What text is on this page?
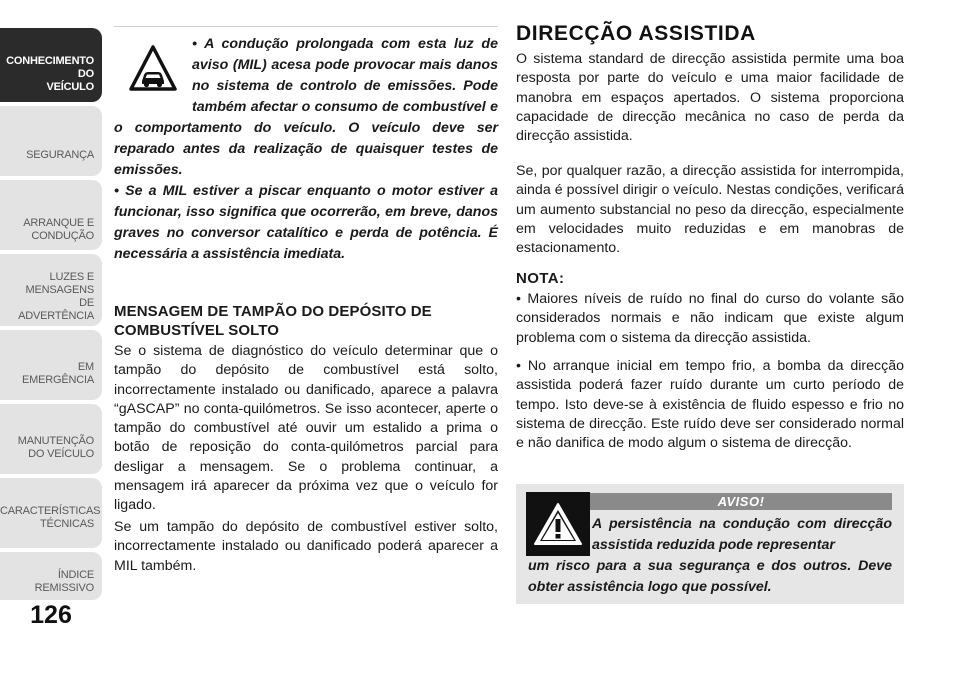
CONHECIMENTO
DO
VEÍCULO

SEGURANÇA

ARRANQUE E
CONDUÇÃO

LUZES E
MENSAGENS
DE
ADVERTÊNCIA

EM
EMERGÊNCIA

MANUTENÇÃO
DO VEÍCULO

CARACTERÍSTICAS
TÉCNICAS

ÍNDICE
REMISSIVO

126

• A condução prolongada com esta luz de aviso (MIL) acesa pode provocar mais danos no sistema de controlo de emissões. Pode também afectar o consumo de combustível e o comportamento do veículo. O veículo deve ser reparado antes da realização de quaisquer testes de emissões.

• Se a MIL estiver a piscar enquanto o motor estiver a funcionar, isso significa que ocorrerão, em breve, danos graves no conversor catalítico e perda de potência. É necessária a assistência imediata.

MENSAGEM DE TAMPÃO DO DEPÓSITO DE COMBUSTÍVEL SOLTO

Se o sistema de diagnóstico do veículo determinar que o tampão do depósito de combustível está solto, incorrectamente instalado ou danificado, aparece a palavra “gASCAP” no conta-quilómetros. Se isso acontecer, aperte o tampão do combustível até ouvir um estalido a prima o botão de reposição do conta-quilómetros parcial para desligar a mensagem. Se o problema continuar, a mensagem irá aparecer da próxima vez que o veículo for ligado.

Se um tampão do depósito de combustível estiver solto, incorrectamente instalado ou danificado poderá aparecer a MIL também.

DIRECÇÃO ASSISTIDA

O sistema standard de direcção assistida permite uma boa resposta por parte do veículo e uma maior facilidade de manobra em espaços apertados. O sistema proporciona capacidade de direcção mecânica no caso de perda da direcção assistida.

Se, por qualquer razão, a direcção assistida for interrompida, ainda é possível dirigir o veículo. Nestas condições, verificará um aumento substancial no peso da direcção, especialmente em velocidades muito reduzidas e em manobras de estacionamento.

NOTA:

• Maiores níveis de ruído no final do curso do volante são considerados normais e não indicam que existe algum problema com o sistema da direcção assistida.

• No arranque inicial em tempo frio, a bomba da direcção assistida poderá fazer ruído durante um curto período de tempo. Isto deve-se à existência de fluido espesso e frio no sistema de direcção. Este ruído deve ser considerado normal e não danifica de modo algum o sistema de direcção.

AVISO!

A persistência na condução com direcção assistida reduzida pode representar
um risco para a sua segurança e dos outros. Deve obter assistência logo que possível.
